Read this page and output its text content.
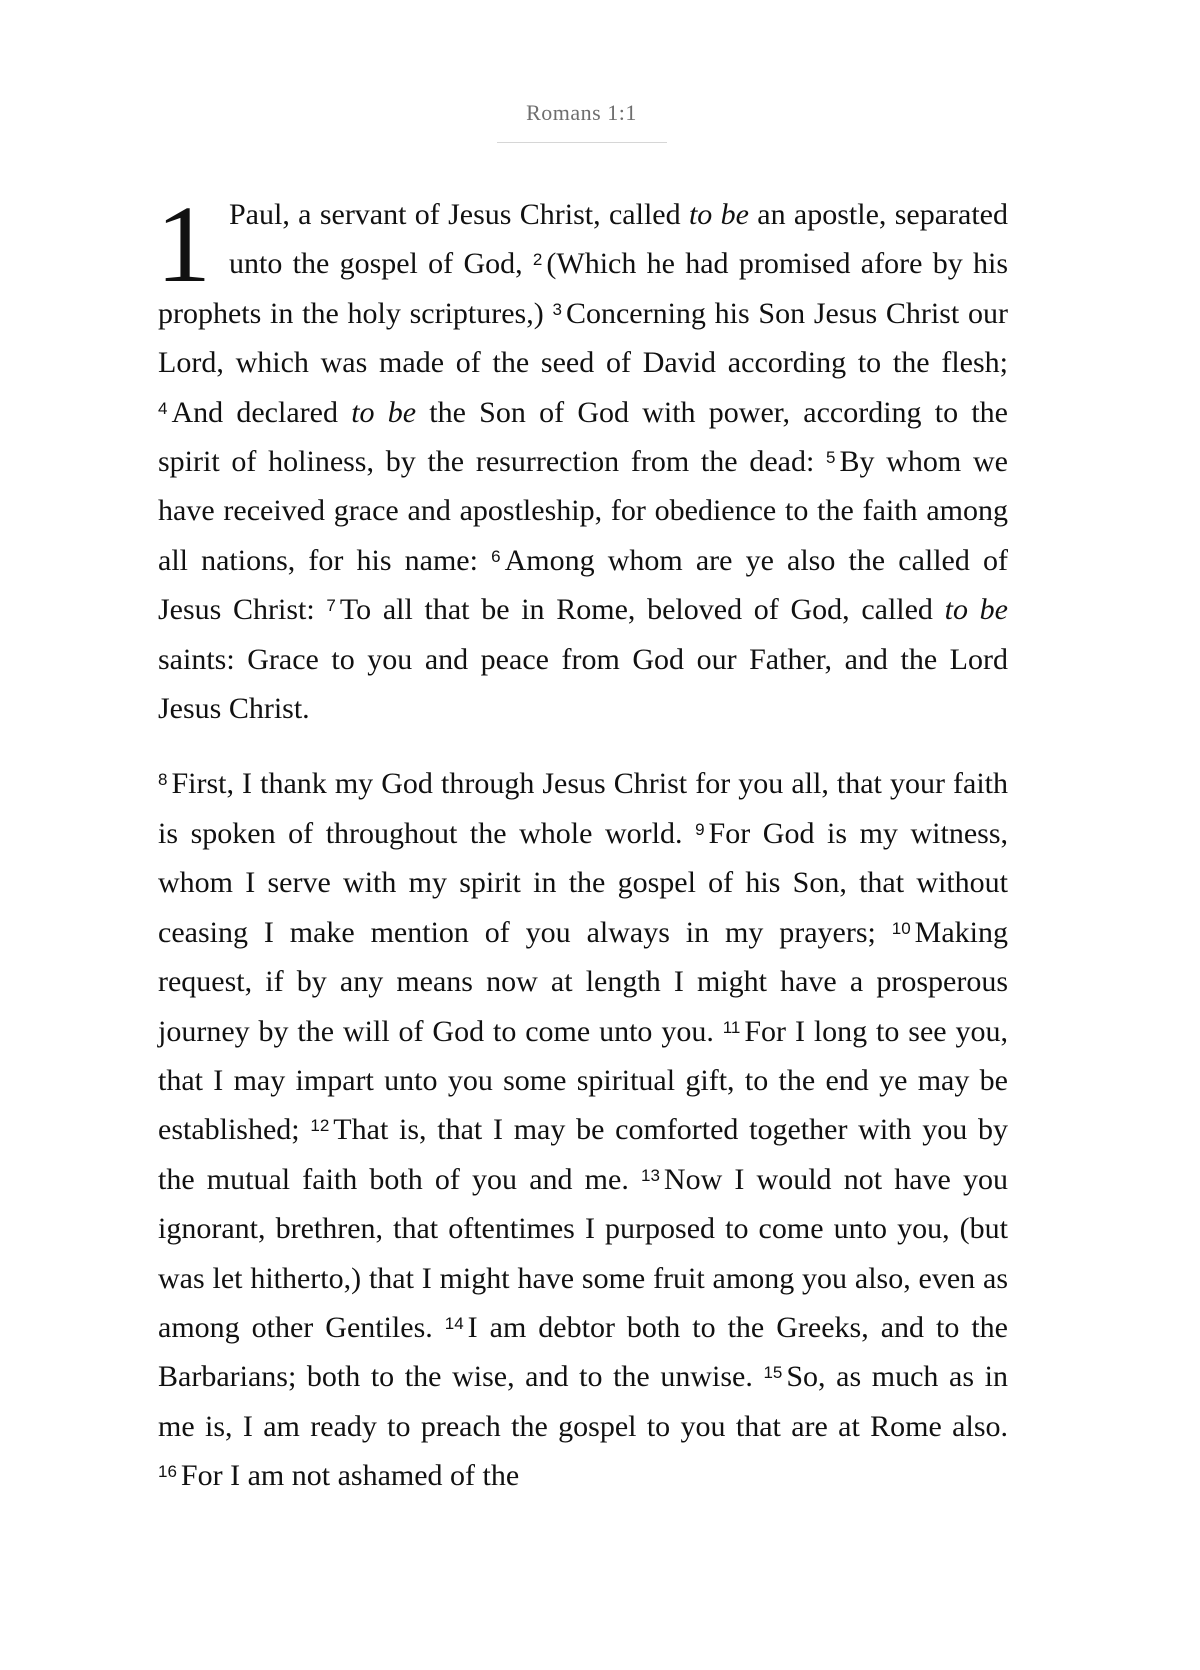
Romans 1:1

1 Paul, a servant of Jesus Christ, called to be an apostle, separated unto the gospel of God, $^2$ (Which he had promised afore by his prophets in the holy scriptures,) $^3$ Concerning his Son Jesus Christ our Lord, which was made of the seed of David according to the flesh; $^4$ And declared to be the Son of God with power, according to the spirit of holiness, by the resurrection from the dead: $^5$ By whom we have received grace and apostleship, for obedience to the faith among all nations, for his name: $^6$ Among whom are ye also the called of Jesus Christ: $^7$ To all that be in Rome, beloved of God, called to be saints: Grace to you and peace from God our Father, and the Lord Jesus Christ.

$^8$ First, I thank my God through Jesus Christ for you all, that your faith is spoken of throughout the whole world. $^9$ For God is my witness, whom I serve with my spirit in the gospel of his Son, that without ceasing I make mention of you always in my prayers; $^{10}$ Making request, if by any means now at length I might have a prosperous journey by the will of God to come unto you. $^{11}$ For I long to see you, that I may impart unto you some spiritual gift, to the end ye may be established; $^{12}$ That is, that I may be comforted together with you by the mutual faith both of you and me. $^{13}$ Now I would not have you ignorant, brethren, that oftentimes I purposed to come unto you, (but was let hitherto,) that I might have some fruit among you also, even as among other Gentiles. $^{14}$ I am debtor both to the Greeks, and to the Barbarians; both to the wise, and to the unwise. $^{15}$ So, as much as in me is, I am ready to preach the gospel to you that are at Rome also. $^{16}$ For I am not ashamed of the
